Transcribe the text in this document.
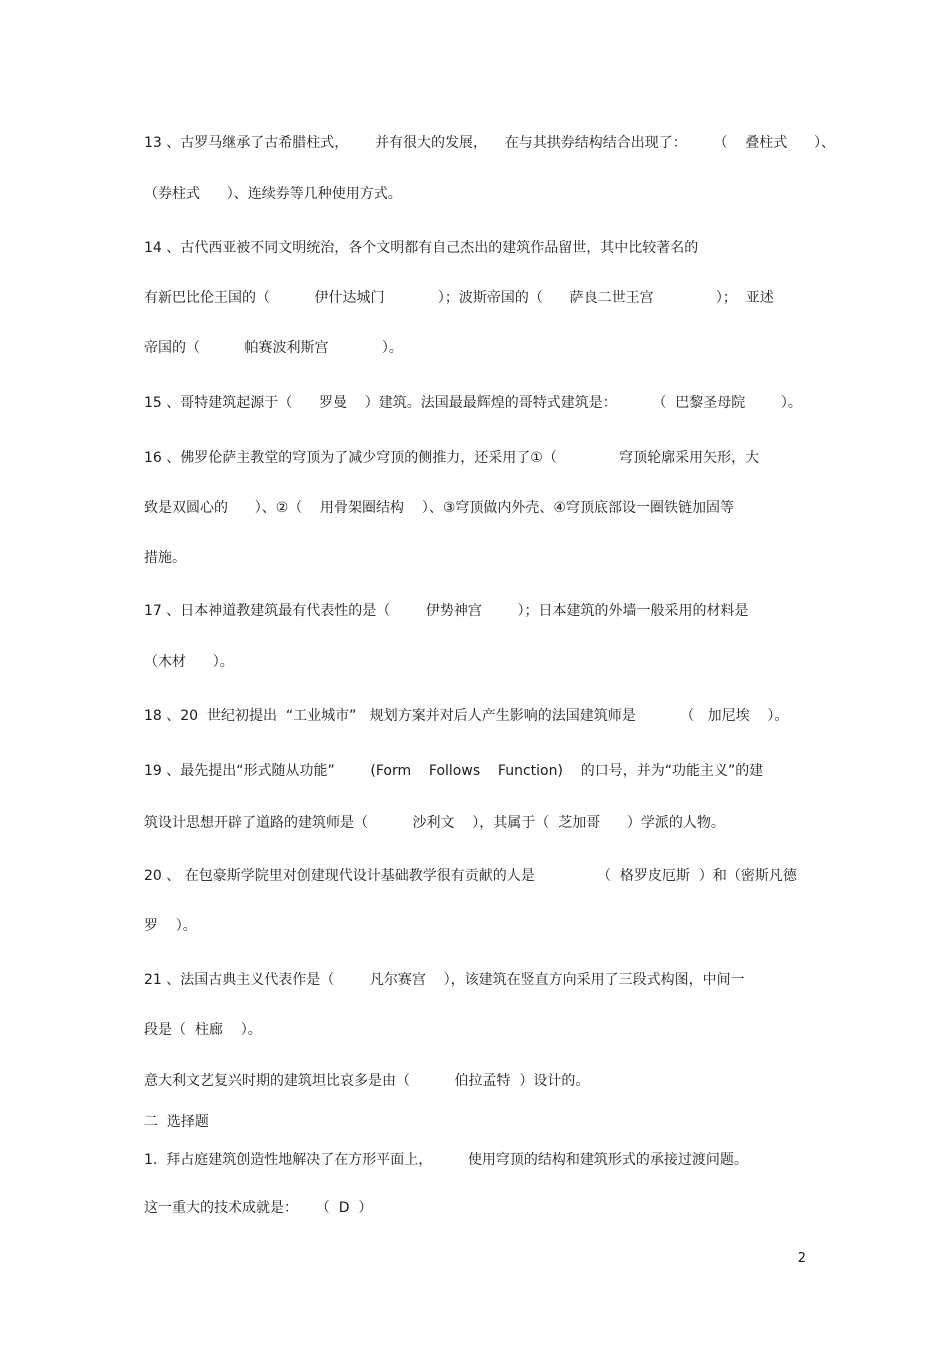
13 、古罗马继承了古希腊柱式，      并有很大的发展，    在与其拱券结构结合出现了：      （    叠柱式      ）、
（券柱式      ）、连续券等几种使用方式。
14 、古代西亚被不同文明统治，各个文明都有自己杰出的建筑作品留世，其中比较著名的
有新巴比伦王国的（          伊什达城门            ）；波斯帝国的（      萨良二世王宫              ）；  亚述
帝国的（          帕赛波利斯宫            ）。
15 、哥特建筑起源于（      罗曼    ）建筑。法国最最辉煌的哥特式建筑是：        （  巴黎圣母院        ）。
16 、佛罗伦萨主教堂的穹顶为了减少穹顶的侧推力，还采用了①（              穹顶轮廓采用矢形，大
致是双圆心的      ）、②（    用骨架圈结构    ）、③穹顶做内外壳、④穹顶底部设一圈铁链加固等
措施。
17 、日本神道教建筑最有代表性的是（        伊势神宫        ）；日本建筑的外墙一般采用的材料是
（木材      ）。
18 、20  世纪初提出  “工业城市”   规划方案并对后人产生影响的法国建筑师是          （   加尼埃    ）。
19 、最先提出“形式随从功能”        (Form    Follows    Function)    的口号，并为“功能主义”的建
筑设计思想开辟了道路的建筑师是（          沙利文    ），其属于（  芝加哥      ）学派的人物。
20 、 在包豪斯学院里对创建现代设计基础教学很有贡献的人是              （  格罗皮厄斯  ）和（密斯凡德
罗    ）。
21 、法国古典主义代表作是（        凡尔赛宫    ），该建筑在竖直方向采用了三段式构图，中间一
段是（  柱廊    ）。
意大利文艺复兴时期的建筑坦比哀多是由（          伯拉孟特  ）设计的。
二  选择题
1.  拜占庭建筑创造性地解决了在方形平面上，        使用穹顶的结构和建筑形式的承接过渡问题。
这一重大的技术成就是：    （  D  ）
2
